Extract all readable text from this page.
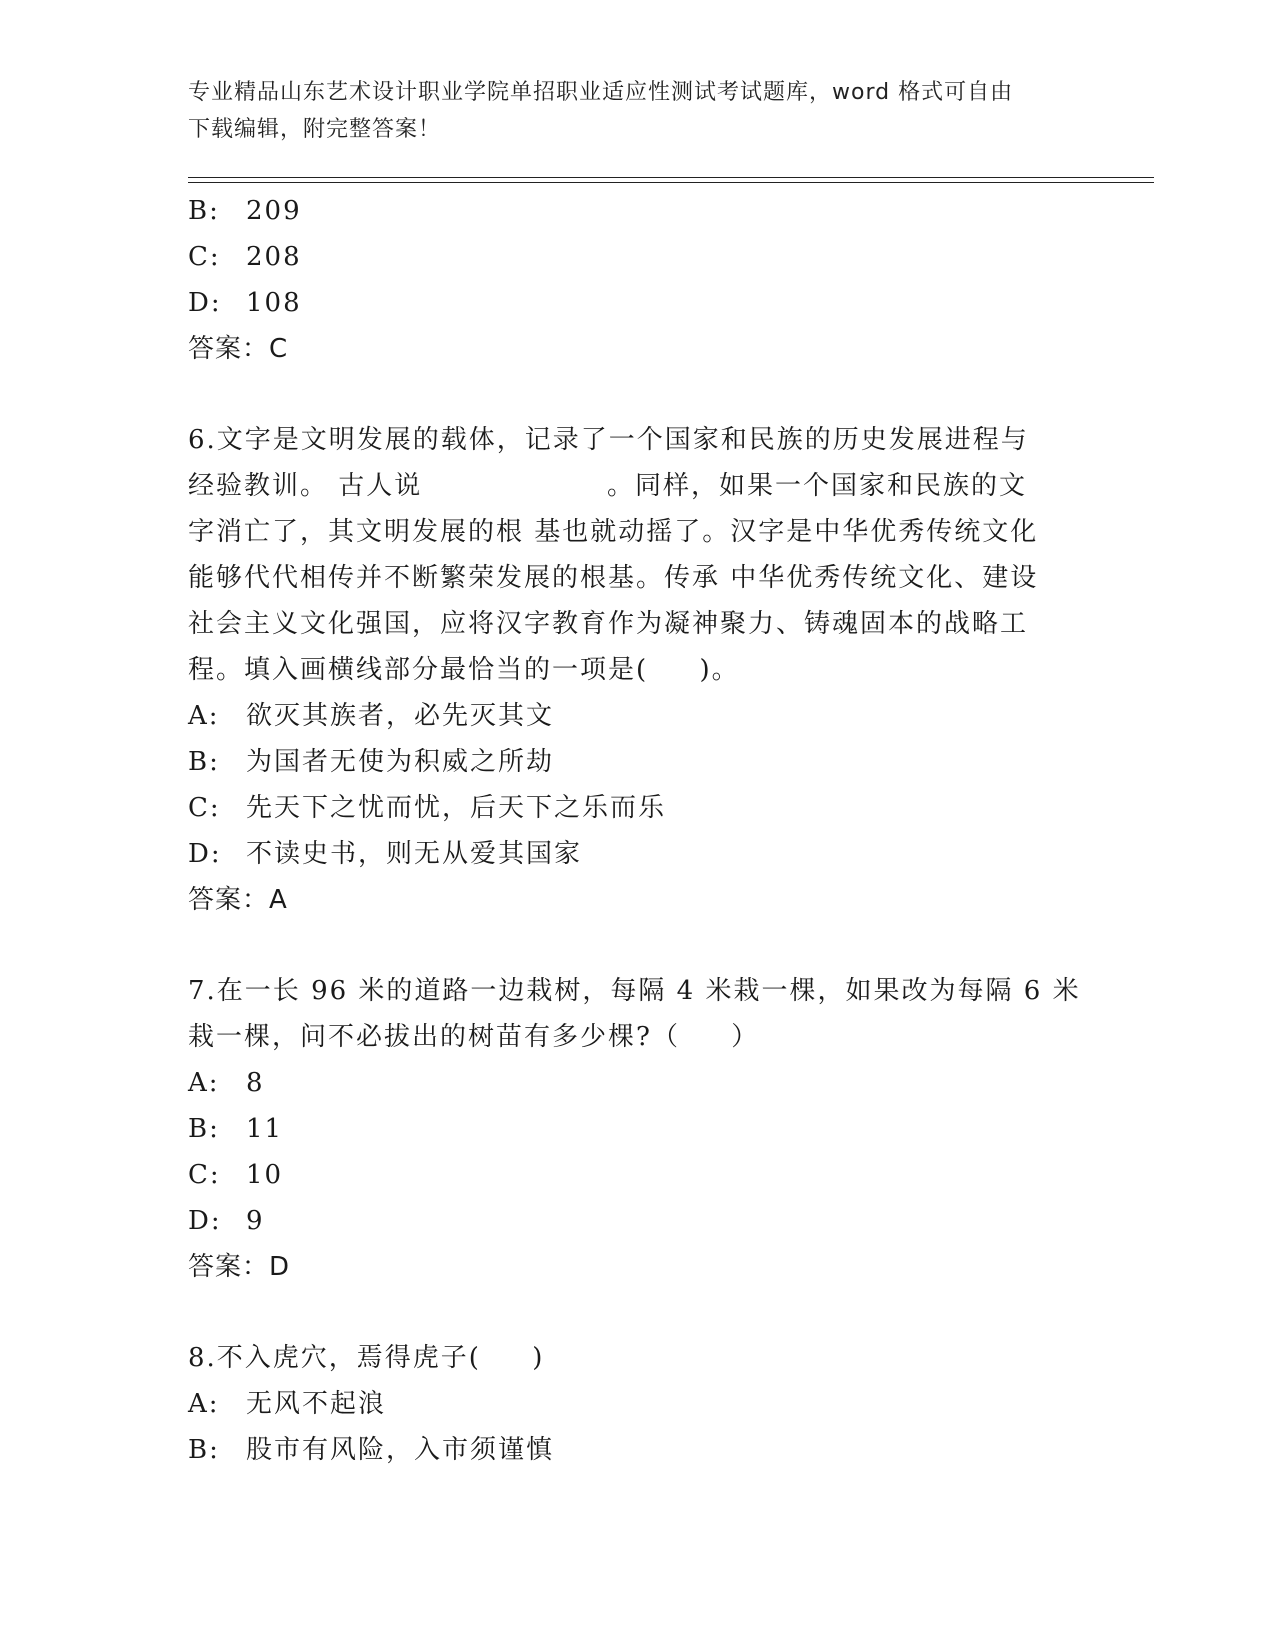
专业精品山东艺术设计职业学院单招职业适应性测试考试题库，word 格式可自由
下载编辑，附完整答案！
B: 209
C: 208
D: 108
答案：C
6.文字是文明发展的载体，记录了一个国家和民族的历史发展进程与
经验教训。 古人说                  。同样，如果一个国家和民族的文
字消亡了，其文明发展的根 基也就动摇了。汉字是中华优秀传统文化
能够代代相传并不断繁荣发展的根基。传承 中华优秀传统文化、建设
社会主义文化强国，应将汉字教育作为凝神聚力、铸魂固本的战略工
程。填入画横线部分最恰当的一项是(     )。
A: 欲灭其族者，必先灭其文
B: 为国者无使为积威之所劫
C: 先天下之忧而忧，后天下之乐而乐
D: 不读史书，则无从爱其国家
答案：A
7.在一长 96 米的道路一边栽树，每隔 4 米栽一棵，如果改为每隔 6 米
栽一棵，问不必拔出的树苗有多少棵?（     ）
A: 8
B: 11
C: 10
D: 9
答案：D
8.不入虎穴，焉得虎子(     )
A: 无风不起浪
B: 股市有风险，入市须谨慎
